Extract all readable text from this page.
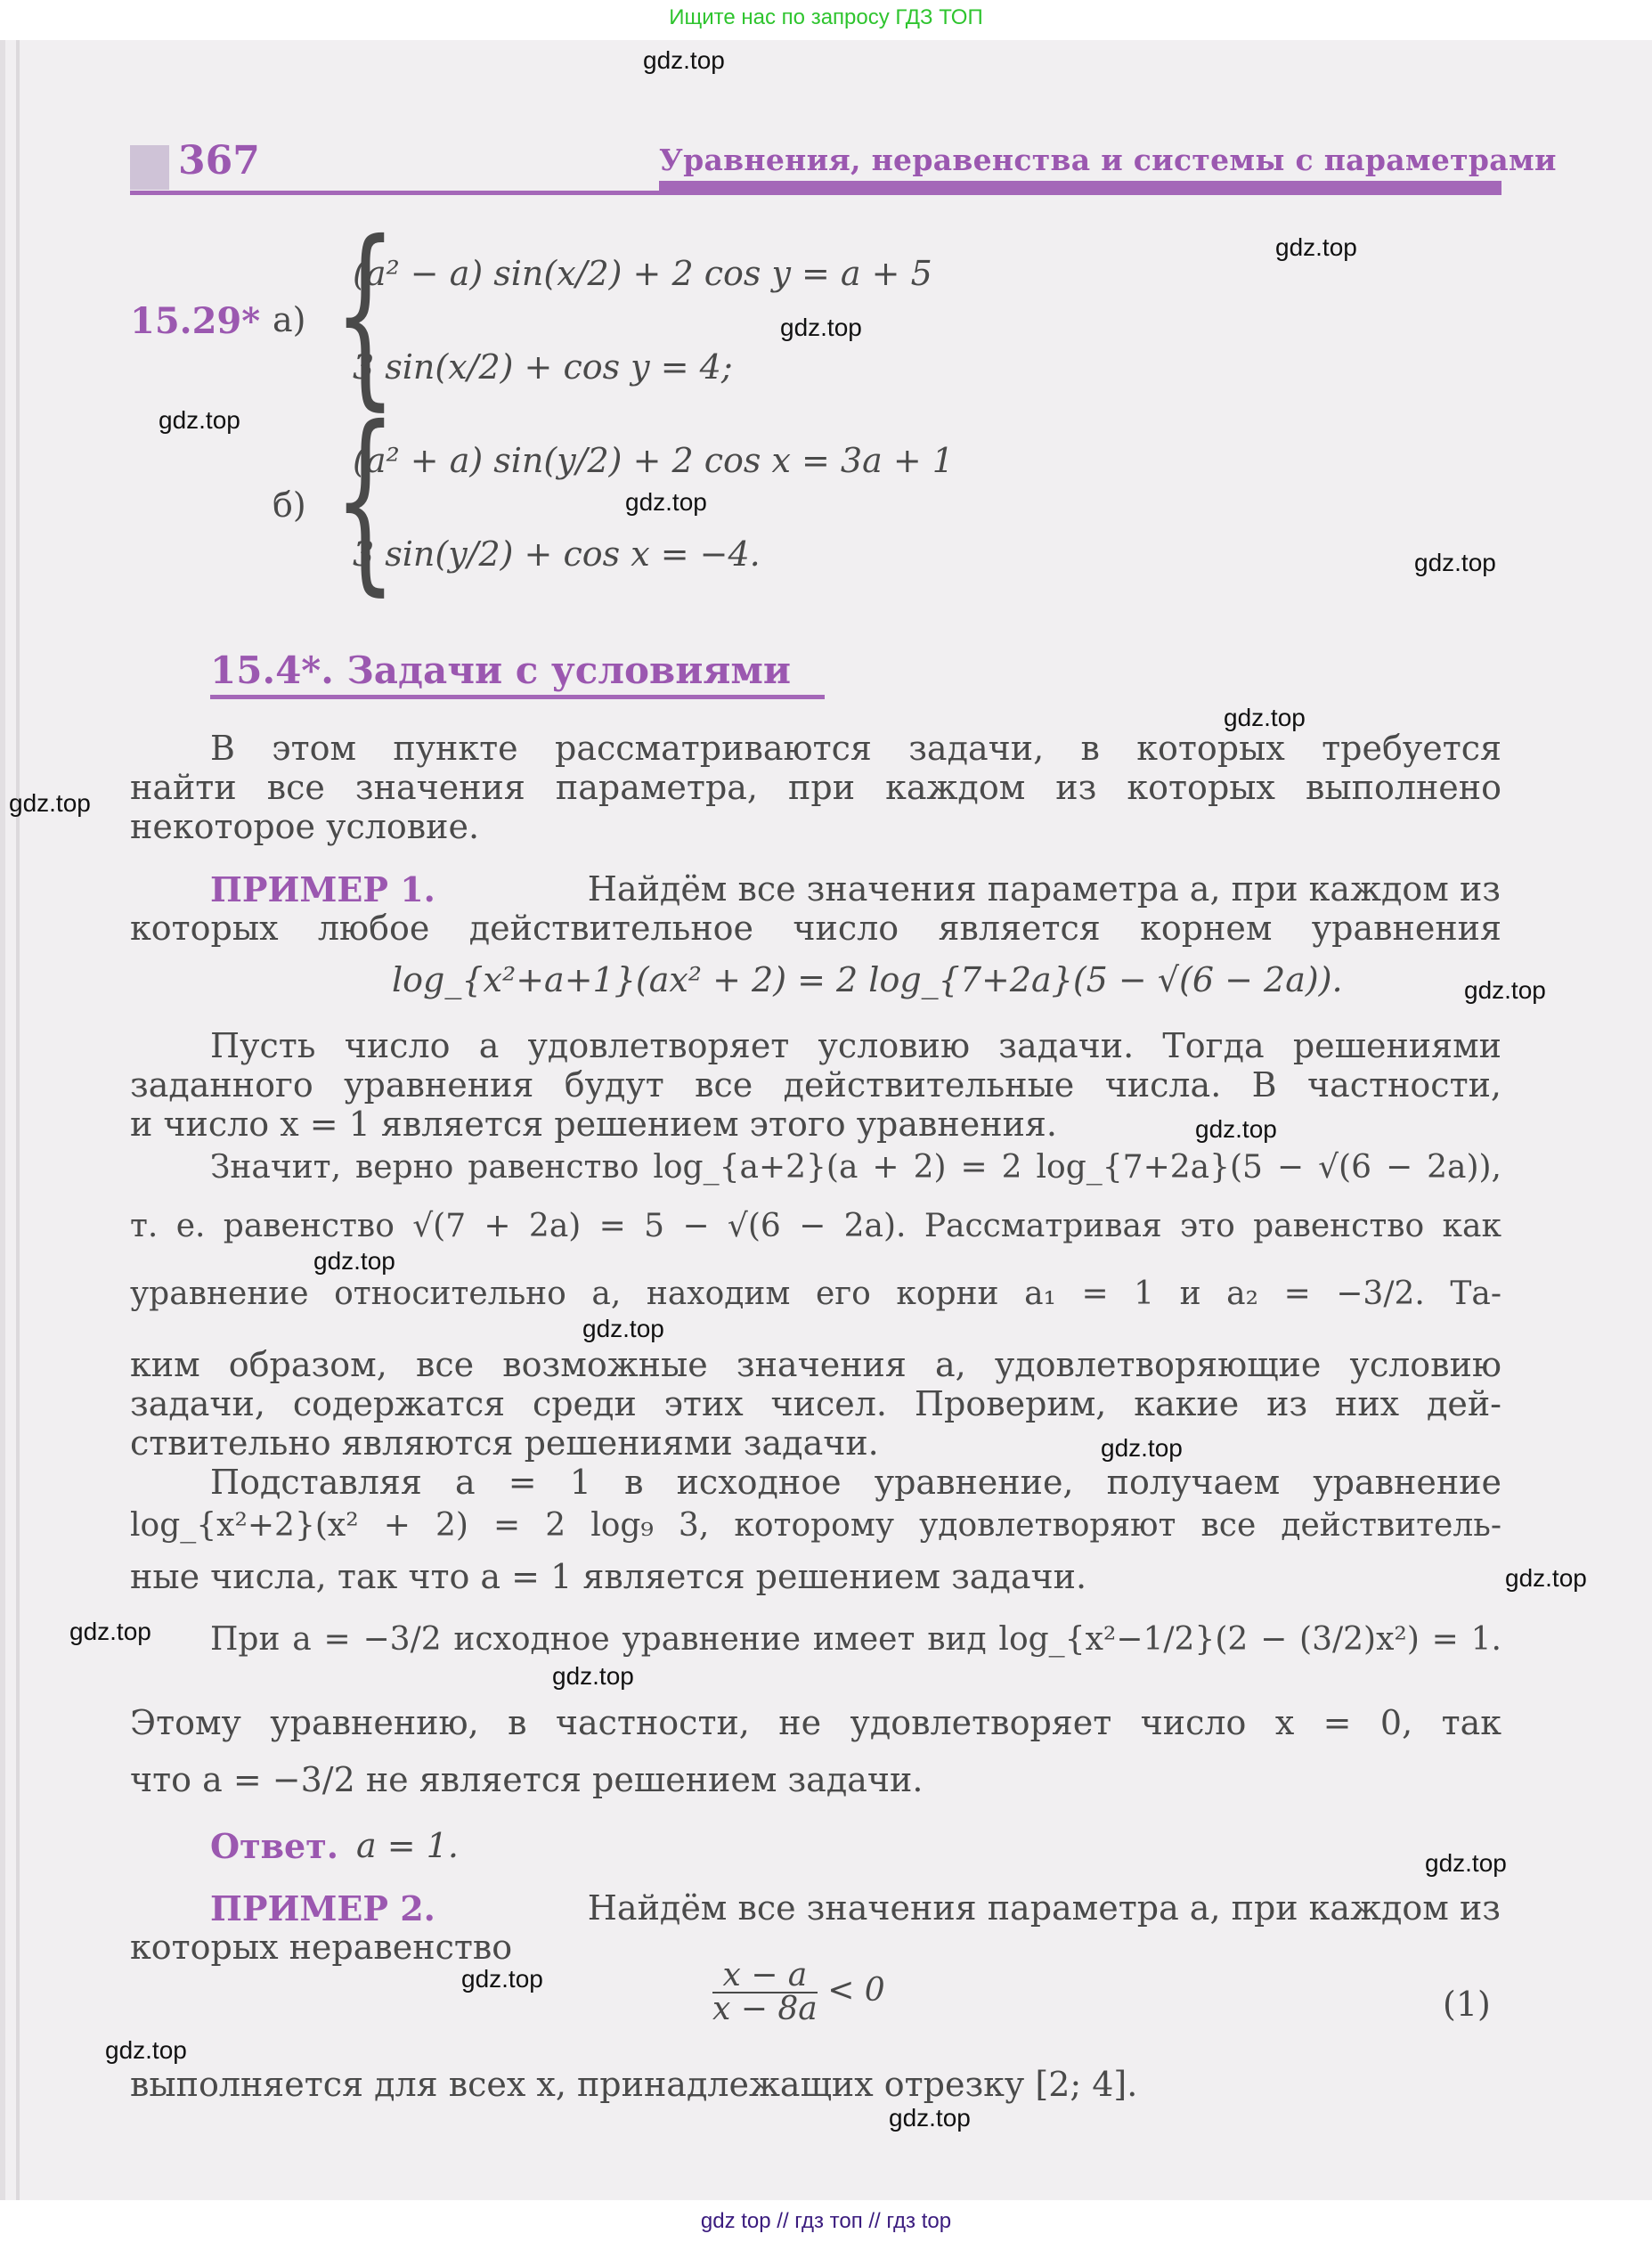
Ищите нас по запросу ГДЗ ТОП
367	Уравнения, неравенства и системы с параметрами
15.29* а) {
(a² − a) sin(x/2) + 2 cos y = a + 5
3 sin(x/2) + cos y = 4;
б) {
(a² + a) sin(y/2) + 2 cos x = 3a + 1
3 sin(y/2) + cos x = −4.
15.4*. Задачи с условиями
В этом пункте рассматриваются задачи, в которых требуется
найти все значения параметра, при каждом из которых выполнено
некоторое условие.
ПРИМЕР 1.	Найдём все значения параметра a, при каждом из
которых любое действительное число является корнем уравнения
log_{x²+a+1}(ax² + 2) = 2 log_{7+2a}(5 − √(6 − 2a)).
Пусть число a удовлетворяет условию задачи. Тогда решениями
заданного уравнения будут все действительные числа. В частности,
и число x = 1 является решением этого уравнения.
Значит, верно равенство log_{a+2}(a + 2) = 2 log_{7+2a}(5 − √(6 − 2a)),
т. е. равенство √(7 + 2a) = 5 − √(6 − 2a). Рассматривая это равенство как
уравнение относительно a, находим его корни a₁ = 1 и a₂ = −3/2. Та-
ким образом, все возможные значения a, удовлетворяющие условию
задачи, содержатся среди этих чисел. Проверим, какие из них дей-
ствительно являются решениями задачи.
Подставляя a = 1 в исходное уравнение, получаем уравнение
log_{x²+2}(x² + 2) = 2 log₉ 3, которому удовлетворяют все действитель-
ные числа, так что a = 1 является решением задачи.
При a = −3/2 исходное уравнение имеет вид log_{x²−1/2}(2 − (3/2)x²) = 1.
Этому уравнению, в частности, не удовлетворяет число x = 0, так
что a = −3/2 не является решением задачи.
Ответ. a = 1.
ПРИМЕР 2.	Найдём все значения параметра a, при каждом из
которых неравенство
$\frac{x - a}{x - 8a} < 0$	(1)
выполняется для всех x, принадлежащих отрезку [2; 4].
gdz.top
gdz.top
gdz.top
gdz.top
gdz.top
gdz.top
gdz.top
gdz.top
gdz.top
gdz.top
gdz.top
gdz.top
gdz.top
gdz.top
gdz.top
gdz.top
gdz.top
gdz.top
gdz.top
gdz.top
gdz top // гдз топ // гдз top
